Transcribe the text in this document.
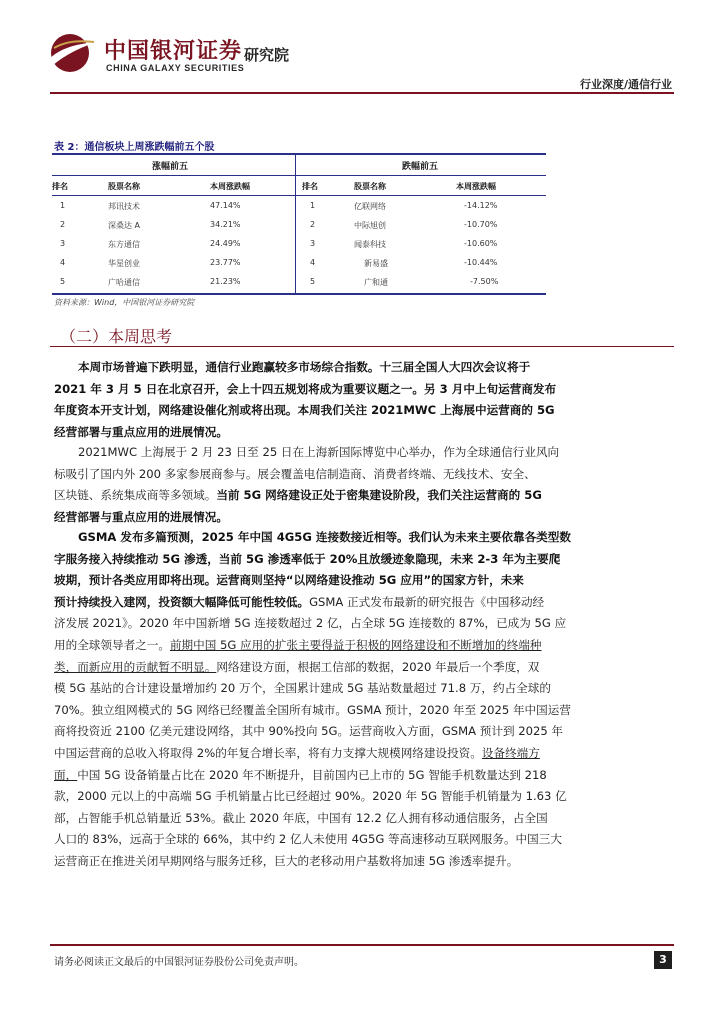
中国银河证券
CHINA GALAXY SECURITIES
研究院
行业深度/通信行业
表 2：通信板块上周涨跌幅前五个股
涨幅前五	跌幅前五
排名	股票名称	本周涨跌幅	排名	股票名称	本周涨跌幅
1	邦讯技术	47.14%	1	亿联网络	-14.12%
2	深桑达 A	34.21%	2	中际旭创	-10.70%
3	东方通信	24.49%	3	闻泰科技	-10.60%
4	华星创业	23.77%	4	新易盛	-10.44%
5	广哈通信	21.23%	5	广和通	-7.50%
资料来源：Wind，中国银河证券研究院
（二）本周思考
本周市场普遍下跌明显，通信行业跑赢较多市场综合指数。十三届全国人大四次会议将于
2021 年 3 月 5 日在北京召开，会上十四五规划将成为重要议题之一。另 3 月中上旬运营商发布
年度资本开支计划，网络建设催化剂或将出现。本周我们关注 2021MWC 上海展中运营商的 5G
经营部署与重点应用的进展情况。
2021MWC 上海展于 2 月 23 日至 25 日在上海新国际博览中心举办，作为全球通信行业风向
标吸引了国内外 200 多家参展商参与。展会覆盖电信制造商、消费者终端、无线技术、安全、
区块链、系统集成商等多领域。当前 5G 网络建设正处于密集建设阶段，我们关注运营商的 5G
经营部署与重点应用的进展情况。
GSMA 发布多篇预测，2025 年中国 4G5G 连接数接近相等。我们认为未来主要依靠各类型数
字服务接入持续推动 5G 渗透，当前 5G 渗透率低于 20%且放缓迹象隐现，未来 2-3 年为主要爬
坡期，预计各类应用即将出现。运营商则坚持“以网络建设推动 5G 应用”的国家方针，未来
预计持续投入建网，投资额大幅降低可能性较低。GSMA 正式发布最新的研究报告《中国移动经
济发展 2021》。2020 年中国新增 5G 连接数超过 2 亿，占全球 5G 连接数的 87%，已成为 5G 应
用的全球领导者之一。前期中国 5G 应用的扩张主要得益于积极的网络建设和不断增加的终端种
类，而新应用的贡献暂不明显。网络建设方面，根据工信部的数据，2020 年最后一个季度，双
模 5G 基站的合计建设量增加约 20 万个，全国累计建成 5G 基站数量超过 71.8 万，约占全球的
70%。独立组网模式的 5G 网络已经覆盖全国所有城市。GSMA 预计，2020 年至 2025 年中国运营
商将投资近 2100 亿美元建设网络，其中 90%投向 5G。运营商收入方面，GSMA 预计到 2025 年
中国运营商的总收入将取得 2%的年复合增长率，将有力支撑大规模网络建设投资。设备终端方
面，中国 5G 设备销量占比在 2020 年不断提升，目前国内已上市的 5G 智能手机数量达到 218
款，2000 元以上的中高端 5G 手机销量占比已经超过 90%。2020 年 5G 智能手机销量为 1.63 亿
部，占智能手机总销量近 53%。截止 2020 年底，中国有 12.2 亿人拥有移动通信服务，占全国
人口的 83%，远高于全球的 66%，其中约 2 亿人未使用 4G5G 等高速移动互联网服务。中国三大
运营商正在推进关闭早期网络与服务迁移，巨大的老移动用户基数将加速 5G 渗透率提升。
请务必阅读正文最后的中国银河证券股份公司免责声明。	3
